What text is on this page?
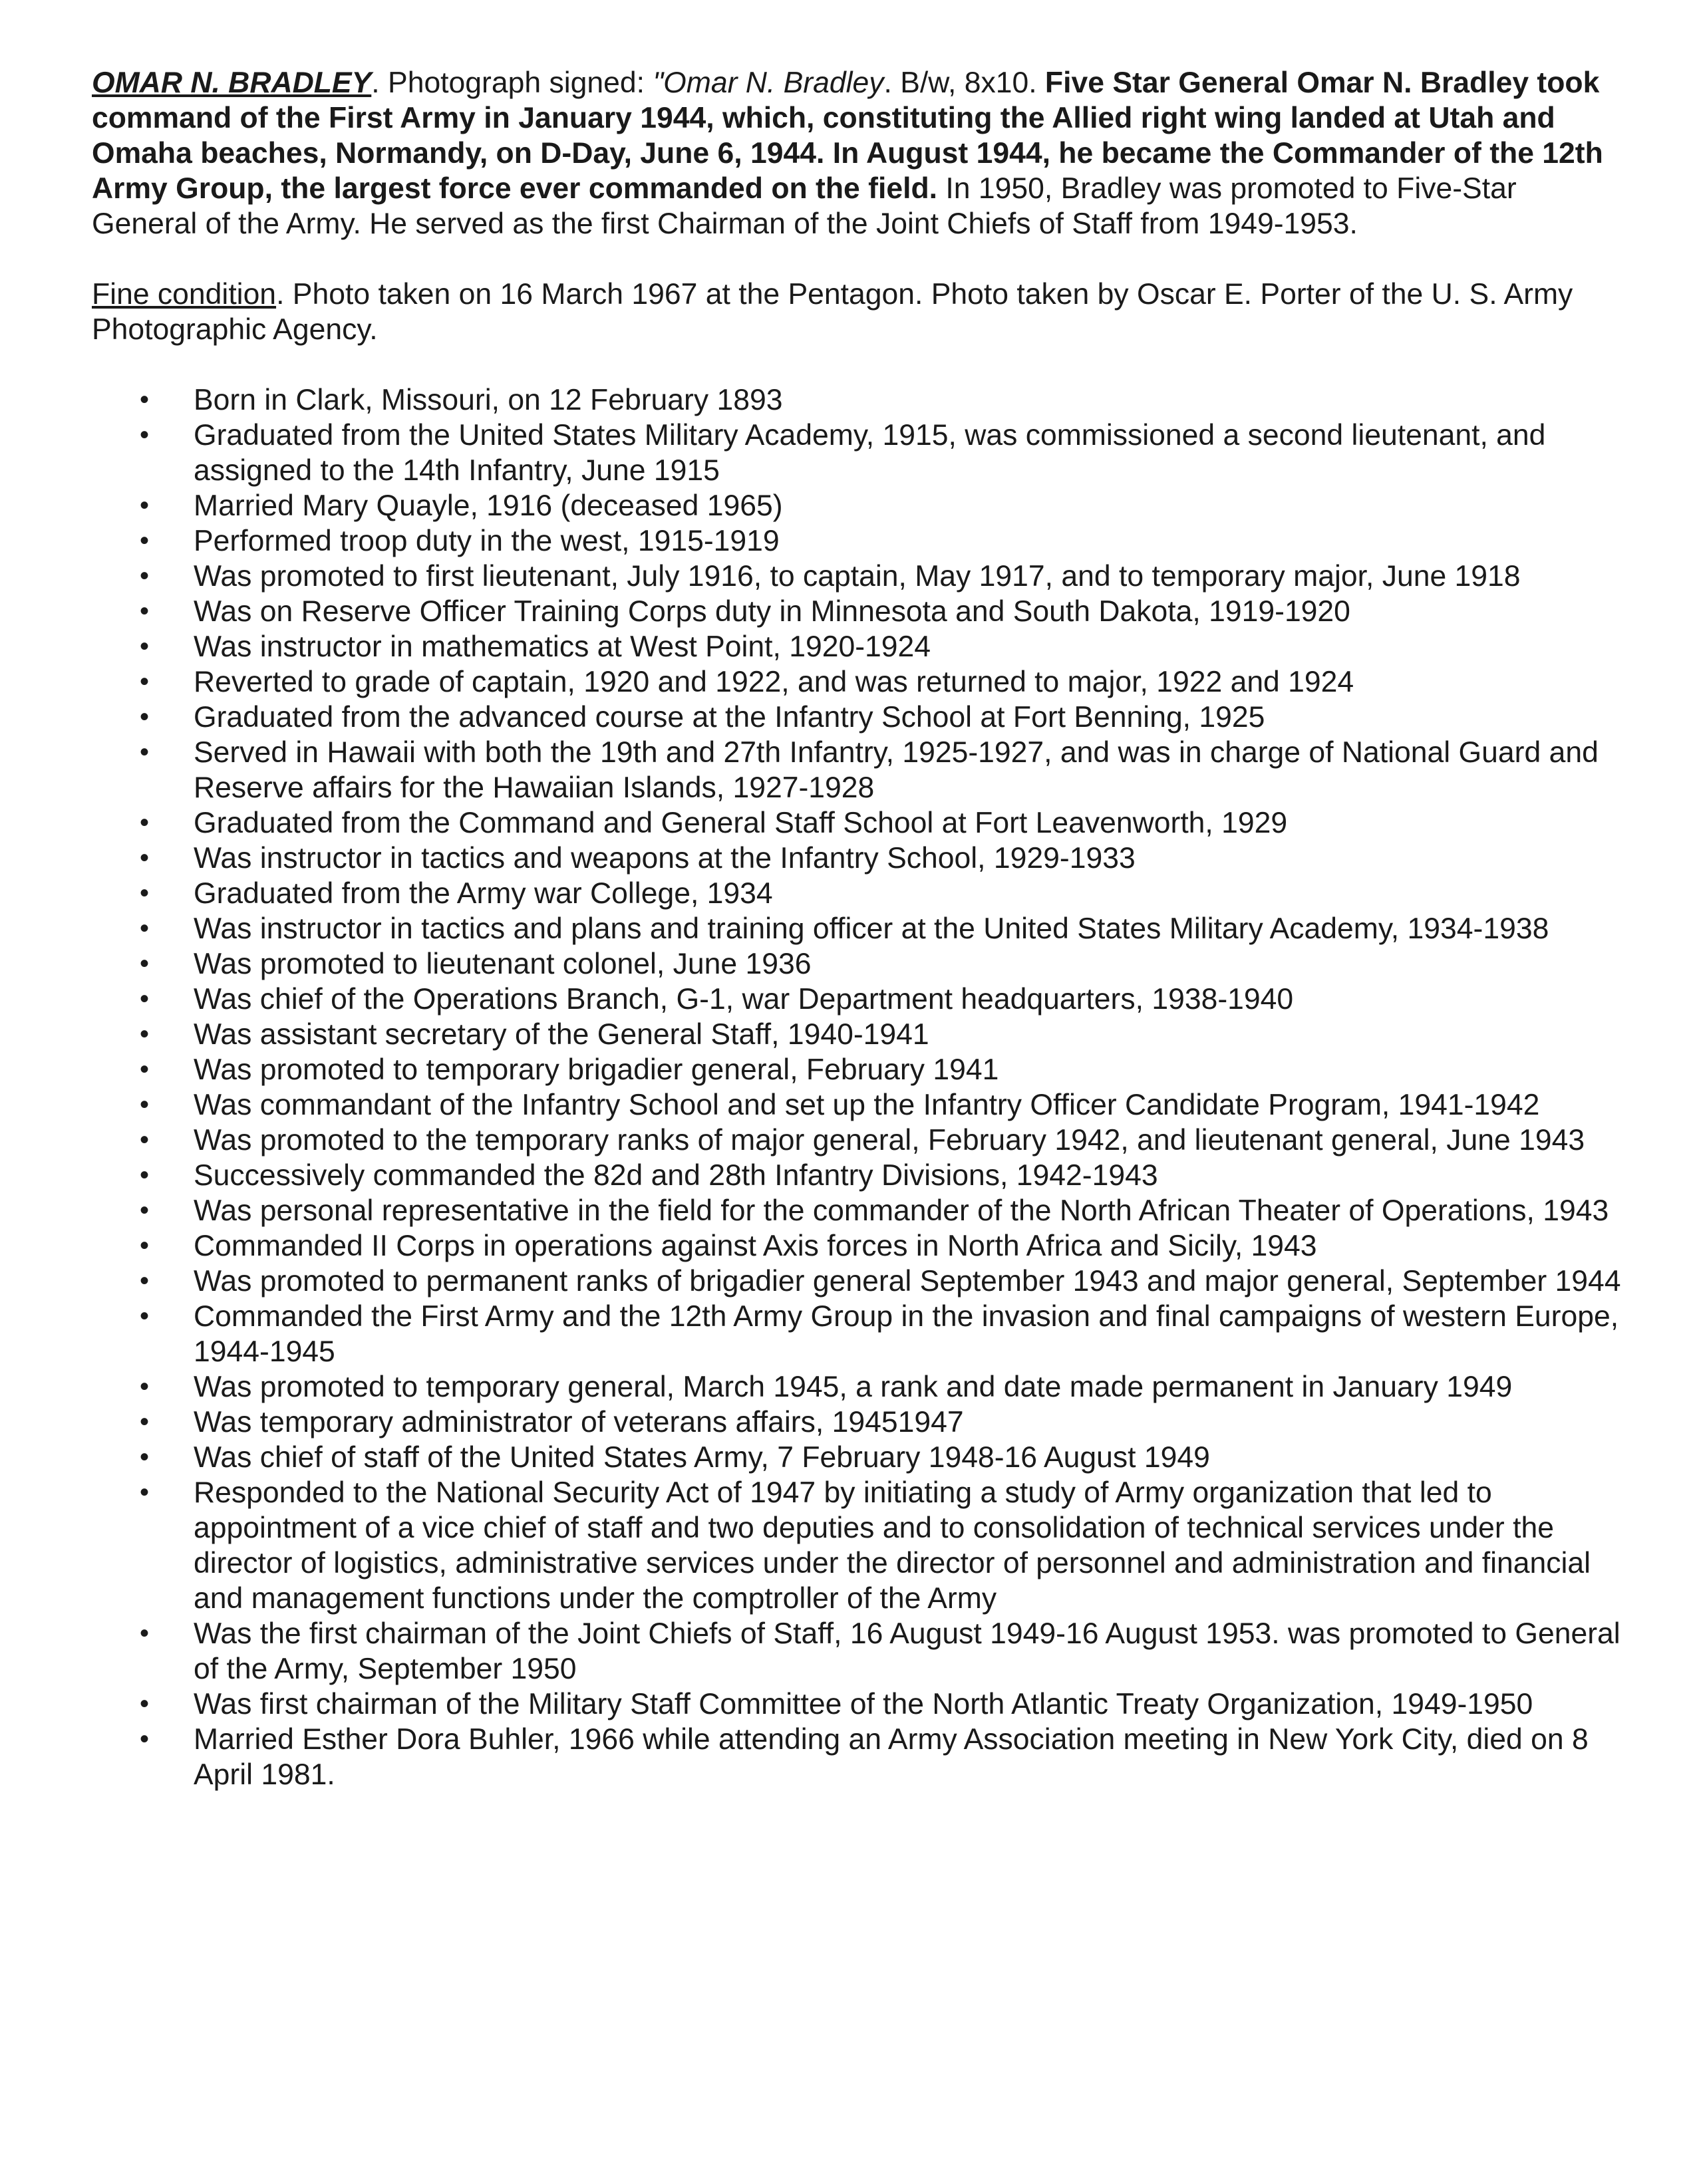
OMAR N. BRADLEY. Photograph signed: "Omar N. Bradley. B/w, 8x10. Five Star General Omar N. Bradley took command of the First Army in January 1944, which, constituting the Allied right wing landed at Utah and Omaha beaches, Normandy, on D-Day, June 6, 1944. In August 1944, he became the Commander of the 12th Army Group, the largest force ever commanded on the field. In 1950, Bradley was promoted to Five-Star General of the Army. He served as the first Chairman of the Joint Chiefs of Staff from 1949-1953.

Fine condition. Photo taken on 16 March 1967 at the Pentagon. Photo taken by Oscar E. Porter of the U. S. Army Photographic Agency.

• Born in Clark, Missouri, on 12 February 1893
• Graduated from the United States Military Academy, 1915, was commissioned a second lieutenant, and assigned to the 14th Infantry, June 1915
• Married Mary Quayle, 1916 (deceased 1965)
• Performed troop duty in the west, 1915-1919
• Was promoted to first lieutenant, July 1916, to captain, May 1917, and to temporary major, June 1918
• Was on Reserve Officer Training Corps duty in Minnesota and South Dakota, 1919-1920
• Was instructor in mathematics at West Point, 1920-1924
• Reverted to grade of captain, 1920 and 1922, and was returned to major, 1922 and 1924
• Graduated from the advanced course at the Infantry School at Fort Benning, 1925
• Served in Hawaii with both the 19th and 27th Infantry, 1925-1927, and was in charge of National Guard and Reserve affairs for the Hawaiian Islands, 1927-1928
• Graduated from the Command and General Staff School at Fort Leavenworth, 1929
• Was instructor in tactics and weapons at the Infantry School, 1929-1933
• Graduated from the Army war College, 1934
• Was instructor in tactics and plans and training officer at the United States Military Academy, 1934-1938
• Was promoted to lieutenant colonel, June 1936
• Was chief of the Operations Branch, G-1, war Department headquarters, 1938-1940
• Was assistant secretary of the General Staff, 1940-1941
• Was promoted to temporary brigadier general, February 1941
• Was commandant of the Infantry School and set up the Infantry Officer Candidate Program, 1941-1942
• Was promoted to the temporary ranks of major general, February 1942, and lieutenant general, June 1943
• Successively commanded the 82d and 28th Infantry Divisions, 1942-1943
• Was personal representative in the field for the commander of the North African Theater of Operations, 1943
• Commanded II Corps in operations against Axis forces in North Africa and Sicily, 1943
• Was promoted to permanent ranks of brigadier general September 1943 and major general, September 1944
• Commanded the First Army and the 12th Army Group in the invasion and final campaigns of western Europe, 1944-1945
• Was promoted to temporary general, March 1945, a rank and date made permanent in January 1949
• Was temporary administrator of veterans affairs, 19451947
• Was chief of staff of the United States Army, 7 February 1948-16 August 1949
• Responded to the National Security Act of 1947 by initiating a study of Army organization that led to appointment of a vice chief of staff and two deputies and to consolidation of technical services under the director of logistics, administrative services under the director of personnel and administration and financial and management functions under the comptroller of the Army
• Was the first chairman of the Joint Chiefs of Staff, 16 August 1949-16 August 1953. was promoted to General of the Army, September 1950
• Was first chairman of the Military Staff Committee of the North Atlantic Treaty Organization, 1949-1950
• Married Esther Dora Buhler, 1966 while attending an Army Association meeting in New York City, died on 8 April 1981.
